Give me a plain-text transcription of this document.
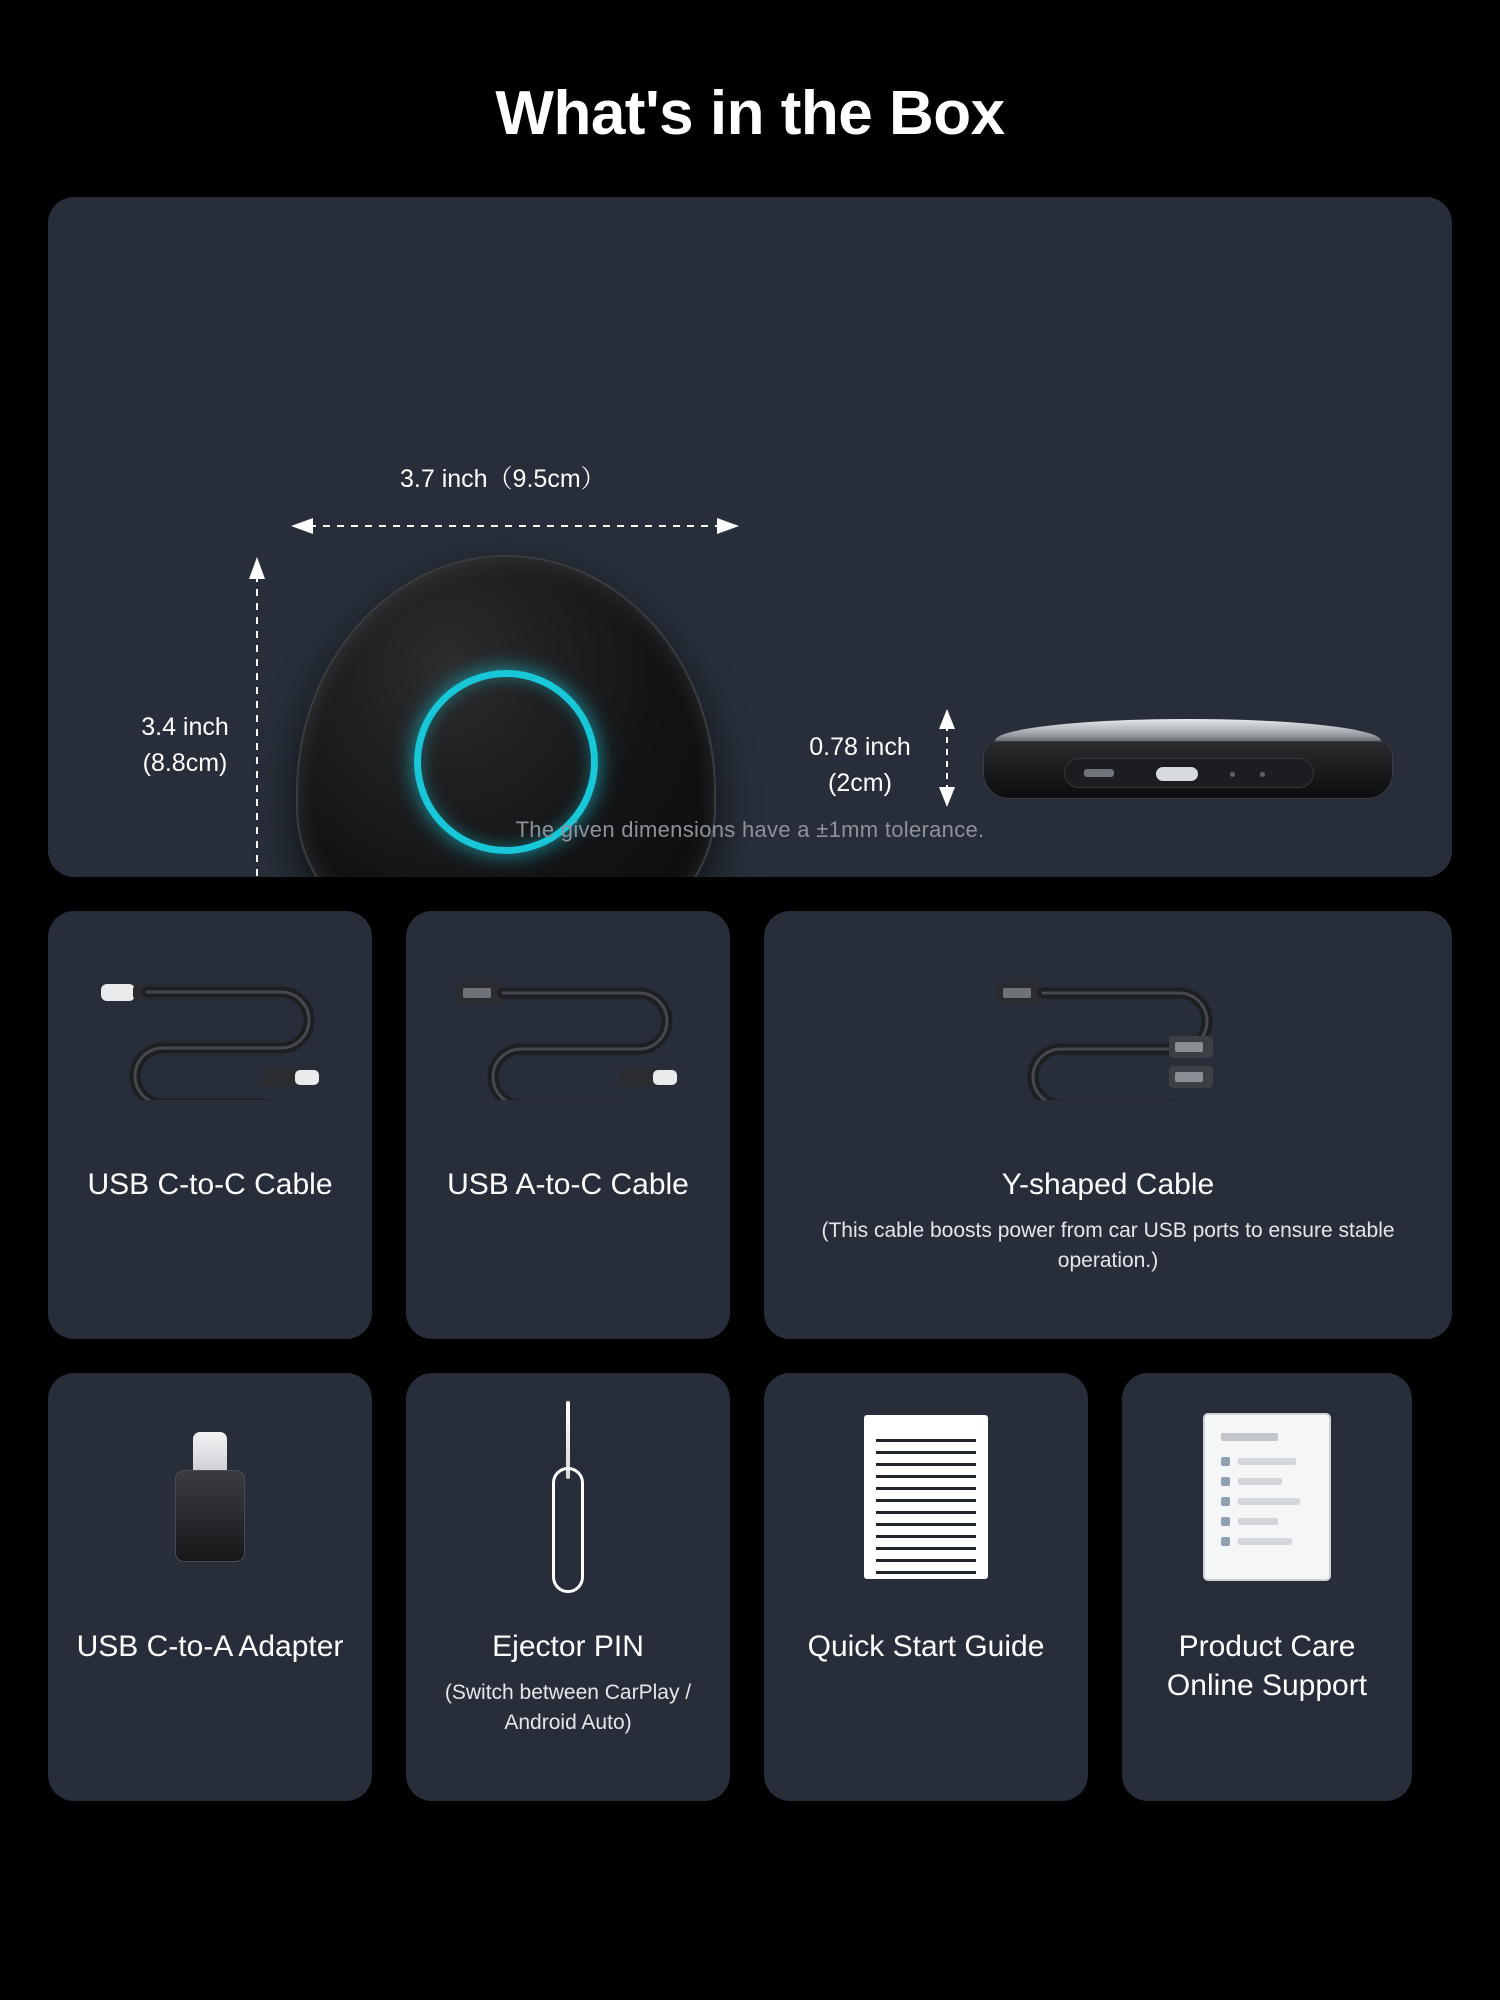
What's in the Box
3.7 inch（9.5cm）
3.4 inch
(8.8cm)
0.78 inch
(2cm)
The given dimensions have a ±1mm tolerance.
USB C-to-C Cable	USB A-to-C Cable	Y-shaped Cable
(This cable boosts power from car USB ports to ensure stable operation.)
USB C-to-A Adapter	Ejector PIN
(Switch between CarPlay / Android Auto)
Quick Start Guide	Product Care Online Support
